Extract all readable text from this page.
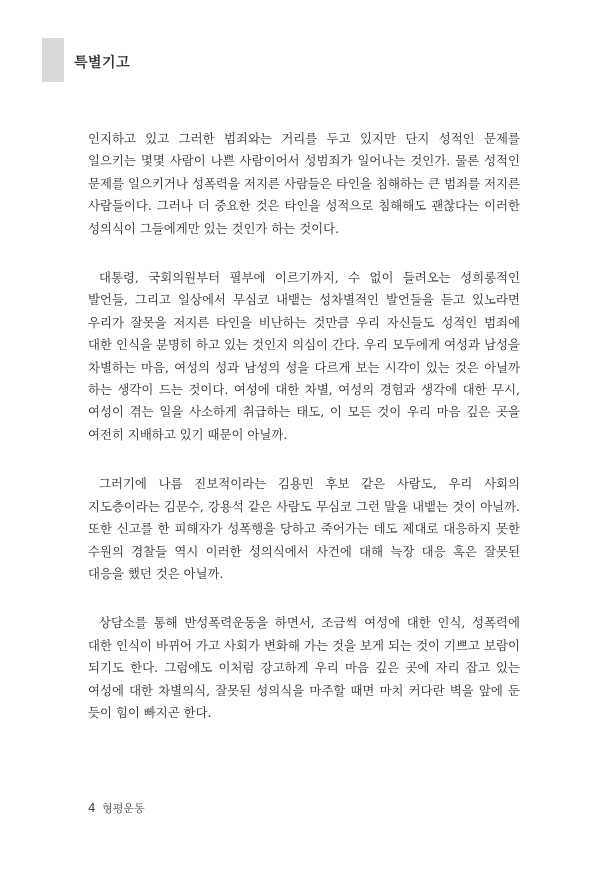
특별기고

인지하고 있고 그러한 범죄와는 거리를 두고 있지만 단지 성적인 문제를 일으키는 몇몇 사람이 나쁜 사람이어서 성범죄가 일어나는 것인가. 물론 성적인 문제를 일으키거나 성폭력을 저지른 사람들은 타인을 침해하는 큰 범죄를 저지른 사람들이다. 그러나 더 중요한 것은 타인을 성적으로 침해해도 괜찮다는 이러한 성의식이 그들에게만 있는 것인가 하는 것이다.

대통령, 국회의원부터 필부에 이르기까지, 수 없이 들려오는 성희롱적인 발언들, 그리고 일상에서 무심코 내뱉는 성차별적인 발언들을 듣고 있노라면 우리가 잘못을 저지른 타인을 비난하는 것만큼 우리 자신들도 성적인 범죄에 대한 인식을 분명히 하고 있는 것인지 의심이 간다. 우리 모두에게 여성과 남성을 차별하는 마음, 여성의 성과 남성의 성을 다르게 보는 시각이 있는 것은 아닐까 하는 생각이 드는 것이다. 여성에 대한 차별, 여성의 경험과 생각에 대한 무시, 여성이 겪는 일을 사소하게 취급하는 태도, 이 모든 것이 우리 마음 깊은 곳을 여전히 지배하고 있기 때문이 아닐까.

그러기에 나름 진보적이라는 김용민 후보 같은 사람도, 우리 사회의 지도층이라는 김문수, 강용석 같은 사람도 무심코 그런 말을 내뱉는 것이 아닐까. 또한 신고를 한 피해자가 성폭행을 당하고 죽어가는 데도 제대로 대응하지 못한 수원의 경찰들 역시 이러한 성의식에서 사건에 대해 늑장 대응 혹은 잘못된 대응을 했던 것은 아닐까.

상담소를 통해 반성폭력운동을 하면서, 조금씩 여성에 대한 인식, 성폭력에 대한 인식이 바뀌어 가고 사회가 변화해 가는 것을 보게 되는 것이 기쁘고 보람이 되기도 한다. 그럼에도 이처럼 강고하게 우리 마음 깊은 곳에 자리 잡고 있는 여성에 대한 차별의식, 잘못된 성의식을 마주할 때면 마치 커다란 벽을 앞에 둔 듯이 힘이 빠지곤 한다.

4 형평운동
